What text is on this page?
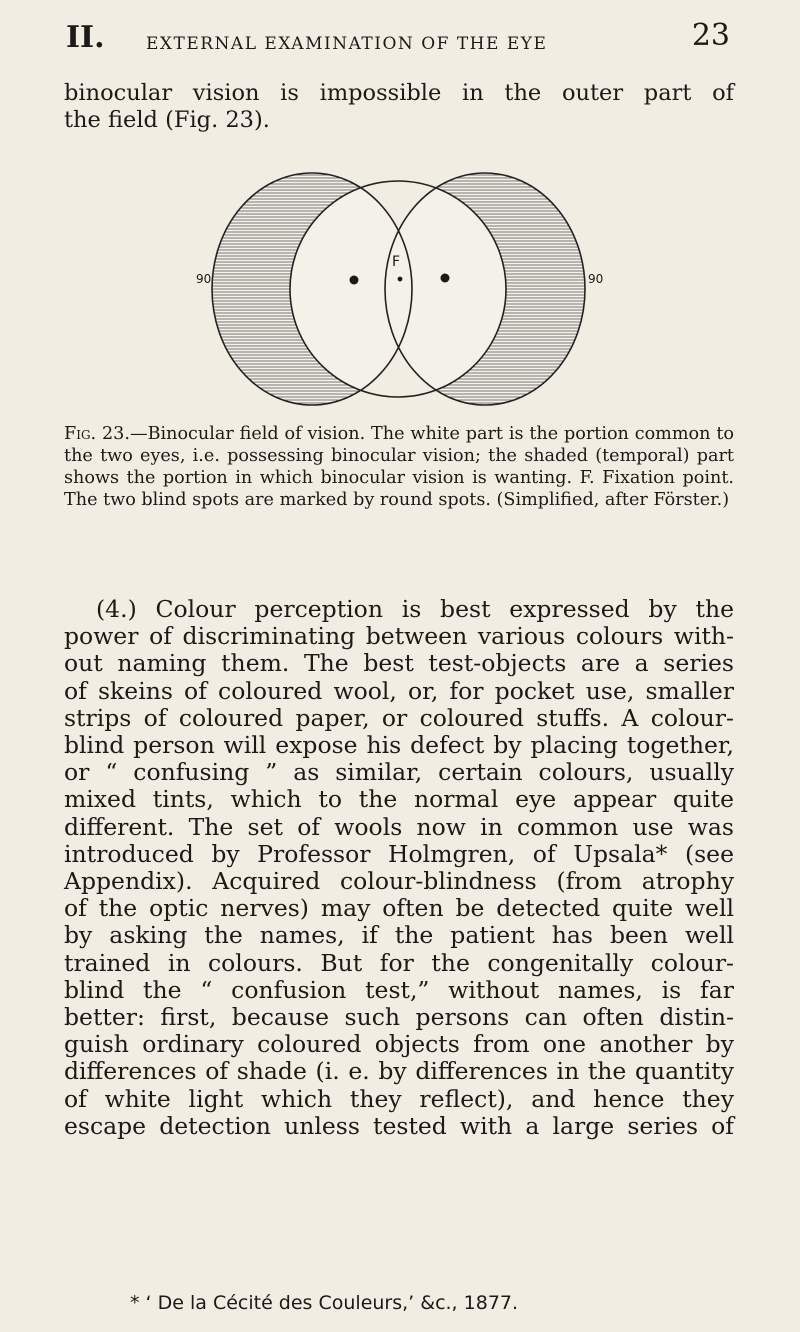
II. EXTERNAL EXAMINATION OF THE EYE	23
binocular vision is impossible in the outer part of
the field (Fig. 23).
F
90	90
Fig. 23.—Binocular field of vision. The white part is the portion common to the two eyes, i.e. possessing binocular vision; the shaded (temporal) part shows the portion in which binocular vision is wanting. F. Fixation point. The two blind spots are marked by round spots. (Simplified, after Förster.)
(4.) Colour perception is best expressed by the
power of discriminating between various colours with-
out naming them. The best test-objects are a series
of skeins of coloured wool, or, for pocket use, smaller
strips of coloured paper, or coloured stuffs. A colour-
blind person will expose his defect by placing together,
or “ confusing ” as similar, certain colours, usually
mixed tints, which to the normal eye appear quite
different. The set of wools now in common use was
introduced by Professor Holmgren, of Upsala* (see
Appendix). Acquired colour-blindness (from atrophy
of the optic nerves) may often be detected quite well
by asking the names, if the patient has been well
trained in colours. But for the congenitally colour-
blind the “ confusion test,” without names, is far
better: first, because such persons can often distin-
guish ordinary coloured objects from one another by
differences of shade (i. e. by differences in the quantity
of white light which they reflect), and hence they
escape detection unless tested with a large series of
* ‘ De la Cécité des Couleurs,’ &c., 1877.
